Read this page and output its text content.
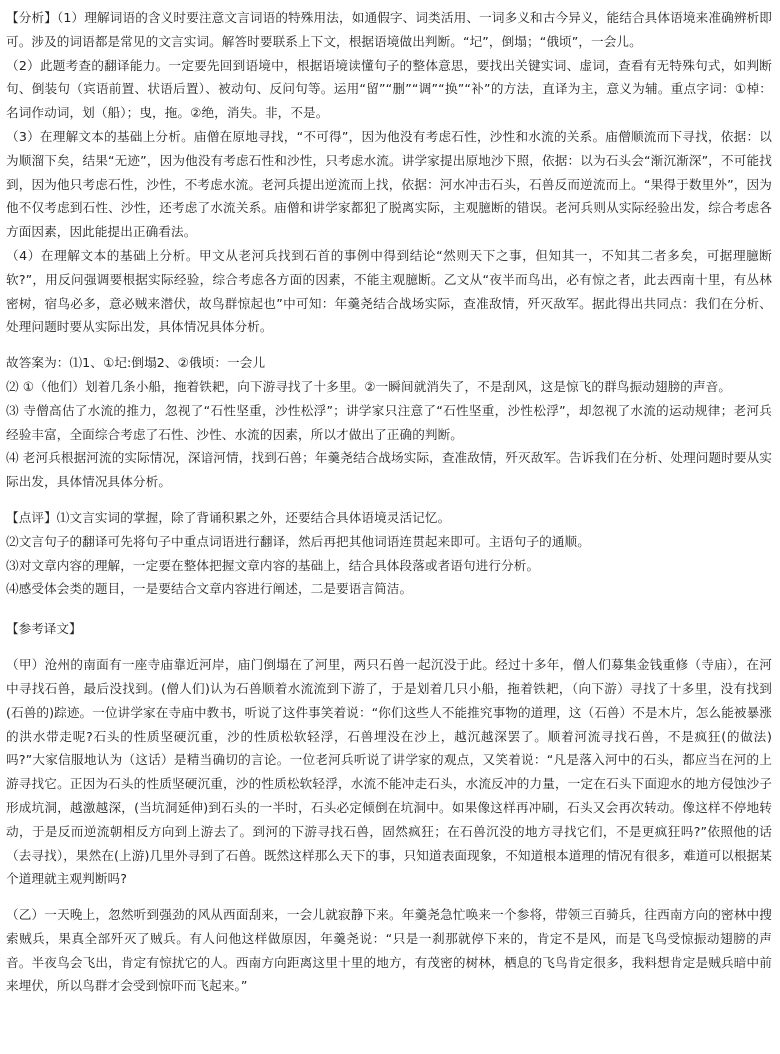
【分析】（1）理解词语的含义时要注意文言词语的特殊用法，如通假字、词类活用、一词多义和古今异义，能结合具体语境来准确辨析即可。涉及的词语都是常见的文言实词。解答时要联系上下文，根据语境做出判断。“圮”，倒塌；“俄顷”，一会儿。

（2）此题考查的翻译能力。一定要先回到语境中，根据语境读懂句子的整体意思，要找出关键实词、虚词，查看有无特殊句式，如判断句、倒装句（宾语前置、状语后置）、被动句、反问句等。运用“留”“删”“调”“换”“补”的方法，直译为主，意义为辅。重点字词：①棹：名词作动词，划（船）；曳，拖。②绝，消失。非，不是。

（3）在理解文本的基础上分析。庙僧在原地寻找，“不可得”，因为他没有考虑石性，沙性和水流的关系。庙僧顺流而下寻找，依据：以为顺溜下矣，结果“无迹”，因为他没有考虑石性和沙性，只考虑水流。讲学家提出原地沙下照，依据：以为石头会“渐沉渐深”，不可能找到，因为他只考虑石性，沙性，不考虑水流。老河兵提出逆流而上找，依据：河水冲击石头，石兽反而逆流而上。“果得于数里外”，因为他不仅考虑到石性、沙性，还考虑了水流关系。庙僧和讲学家都犯了脱离实际，主观臆断的错误。老河兵则从实际经验出发，综合考虑各方面因素，因此能提出正确看法。

（4）在理解文本的基础上分析。甲文从老河兵找到石首的事例中得到结论“然则天下之事，但知其一，不知其二者多矣，可据理臆断软?”，用反问强调要根据实际经验，综合考虑各方面的因素，不能主观臆断。乙文从“夜半而鸟出，必有惊之者，此去西南十里，有丛林密树，宿鸟必多，意必贼来潜伏，故鸟群惊起也”中可知：年羹尧结合战场实际，查准敌情，歼灭敌军。据此得出共同点：我们在分析、处理问题时要从实际出发，具体情况具体分析。

故答案为：⑴1、①圮:倒塌2、②俄顷：一会儿

⑵ ①（他们）划着几条小船，拖着铁耙，向下游寻找了十多里。②一瞬间就消失了，不是刮风，这是惊飞的群鸟振动翅膀的声音。

⑶ 寺僧高估了水流的推力，忽视了“石性坚重，沙性松浮”；讲学家只注意了“石性坚重，沙性松浮”，却忽视了水流的运动规律；老河兵经验丰富，全面综合考虑了石性、沙性、水流的因素，所以才做出了正确的判断。

⑷ 老河兵根据河流的实际情况，深谙河情，找到石兽；年羹尧结合战场实际，查准敌情，歼灭敌军。告诉我们在分析、处理问题时要从实际出发，具体情况具体分析。

【点评】⑴文言实词的掌握，除了背诵积累之外，还要结合具体语境灵活记忆。

⑵文言句子的翻译可先将句子中重点词语进行翻译，然后再把其他词语连贯起来即可。主语句子的通顺。

⑶对文章内容的理解，一定要在整体把握文章内容的基础上，结合具体段落或者语句进行分析。

⑷感受体会类的题目，一是要结合文章内容进行阐述，二是要语言简洁。

【参考译文】

（甲）沧州的南面有一座寺庙靠近河岸，庙门倒塌在了河里，两只石兽一起沉没于此。经过十多年，僧人们募集金钱重修（寺庙），在河中寻找石兽，最后没找到。(僧人们)认为石兽顺着水流流到下游了，于是划着几只小船，拖着铁耙，（向下游）寻找了十多里，没有找到(石兽的)踪迹。一位讲学家在寺庙中教书，听说了这件事笑着说：“你们这些人不能推究事物的道理，这（石兽）不是木片，怎么能被暴涨的洪水带走呢?石头的性质坚硬沉重，沙的性质松软轻浮，石兽埋没在沙上，越沉越深罢了。顺着河流寻找石兽，不是疯狂(的做法)吗?”大家信服地认为（这话）是精当确切的言论。一位老河兵听说了讲学家的观点，又笑着说：“凡是落入河中的石头，都应当在河的上游寻找它。正因为石头的性质坚硬沉重，沙的性质松软轻浮，水流不能冲走石头，水流反冲的力量，一定在石头下面迎水的地方侵蚀沙子形成坑洞，越激越深，(当坑洞延伸)到石头的一半时，石头必定倾倒在坑洞中。如果像这样再冲刷，石头又会再次转动。像这样不停地转动，于是反而逆流朝相反方向到上游去了。到河的下游寻找石兽，固然疯狂；在石兽沉没的地方寻找它们，不是更疯狂吗?”依照他的话（去寻找），果然在(上游)几里外寻到了石兽。既然这样那么天下的事，只知道表面现象，不知道根本道理的情况有很多，难道可以根据某个道理就主观判断吗?

（乙）一天晚上，忽然听到强劲的风从西面刮来，一会儿就寂静下来。年羹尧急忙唤来一个参将，带领三百骑兵，往西南方向的密林中搜索贼兵，果真全部歼灭了贼兵。有人问他这样做原因，年羹尧说：“只是一刹那就停下来的，肯定不是风，而是飞鸟受惊振动翅膀的声音。半夜鸟会飞出，肯定有惊扰它的人。西南方向距离这里十里的地方，有茂密的树林，栖息的飞鸟肯定很多，我料想肯定是贼兵暗中前来埋伏，所以鸟群才会受到惊吓而飞起来。”
